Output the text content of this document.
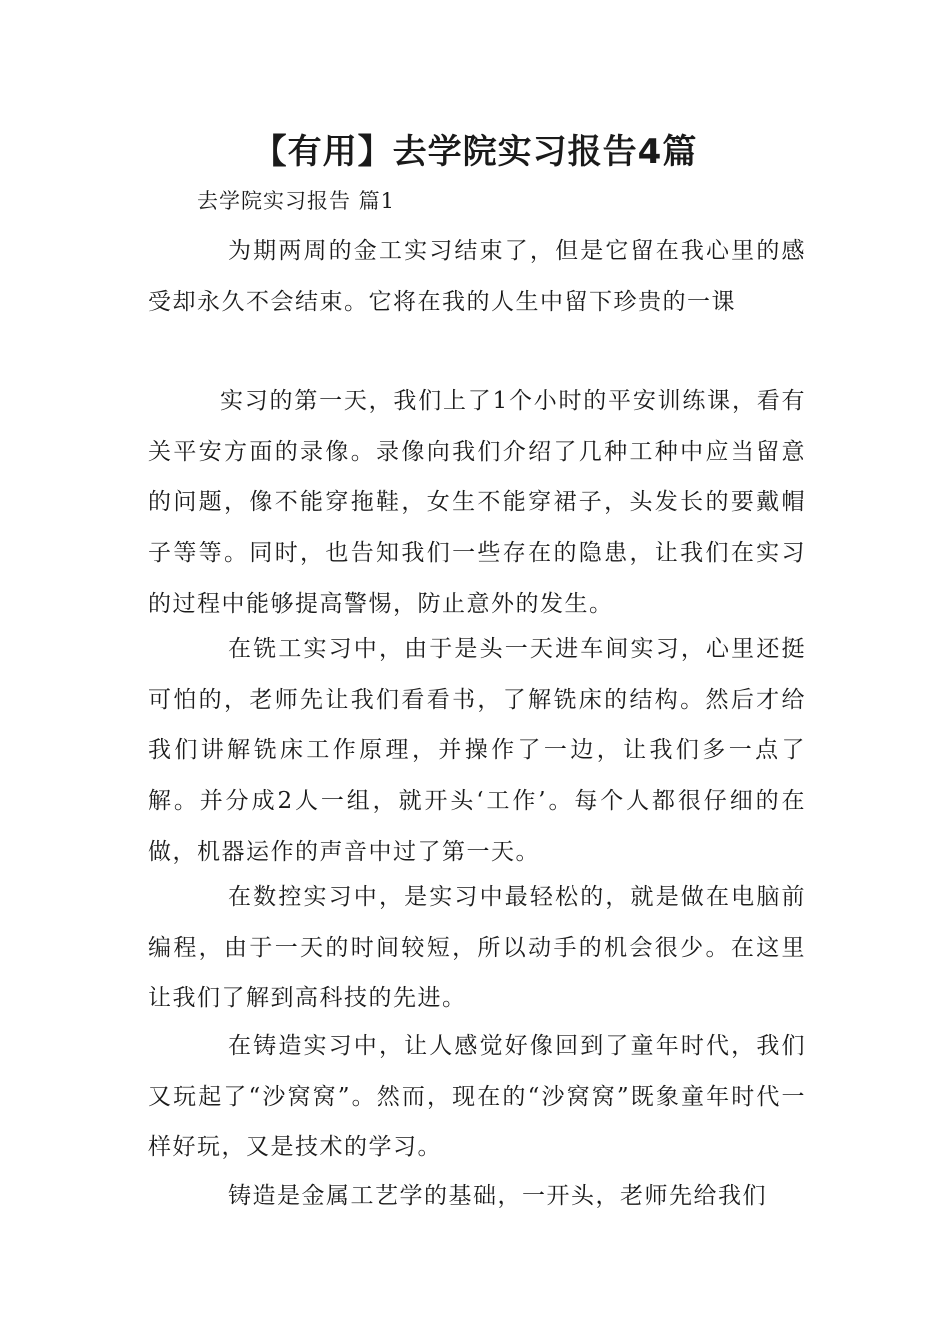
【有用】去学院实习报告4篇

去学院实习报告 篇1

为期两周的金工实习结束了，但是它留在我心里的感受却永久不会结束。它将在我的人生中留下珍贵的一课

实习的第一天，我们上了1个小时的平安训练课，看有关平安方面的录像。录像向我们介绍了几种工种中应当留意的问题，像不能穿拖鞋，女生不能穿裙子，头发长的要戴帽子等等。同时，也告知我们一些存在的隐患，让我们在实习的过程中能够提高警惕，防止意外的发生。

在铣工实习中，由于是头一天进车间实习，心里还挺可怕的，老师先让我们看看书，了解铣床的结构。然后才给我们讲解铣床工作原理，并操作了一边，让我们多一点了解。并分成2人一组，就开头‘工作’。每个人都很仔细的在做，机器运作的声音中过了第一天。

在数控实习中，是实习中最轻松的，就是做在电脑前编程，由于一天的时间较短，所以动手的机会很少。在这里让我们了解到高科技的先进。

在铸造实习中，让人感觉好像回到了童年时代，我们又玩起了“沙窝窝”。然而，现在的“沙窝窝”既象童年时代一样好玩，又是技术的学习。

铸造是金属工艺学的基础，一开头，老师先给我们
